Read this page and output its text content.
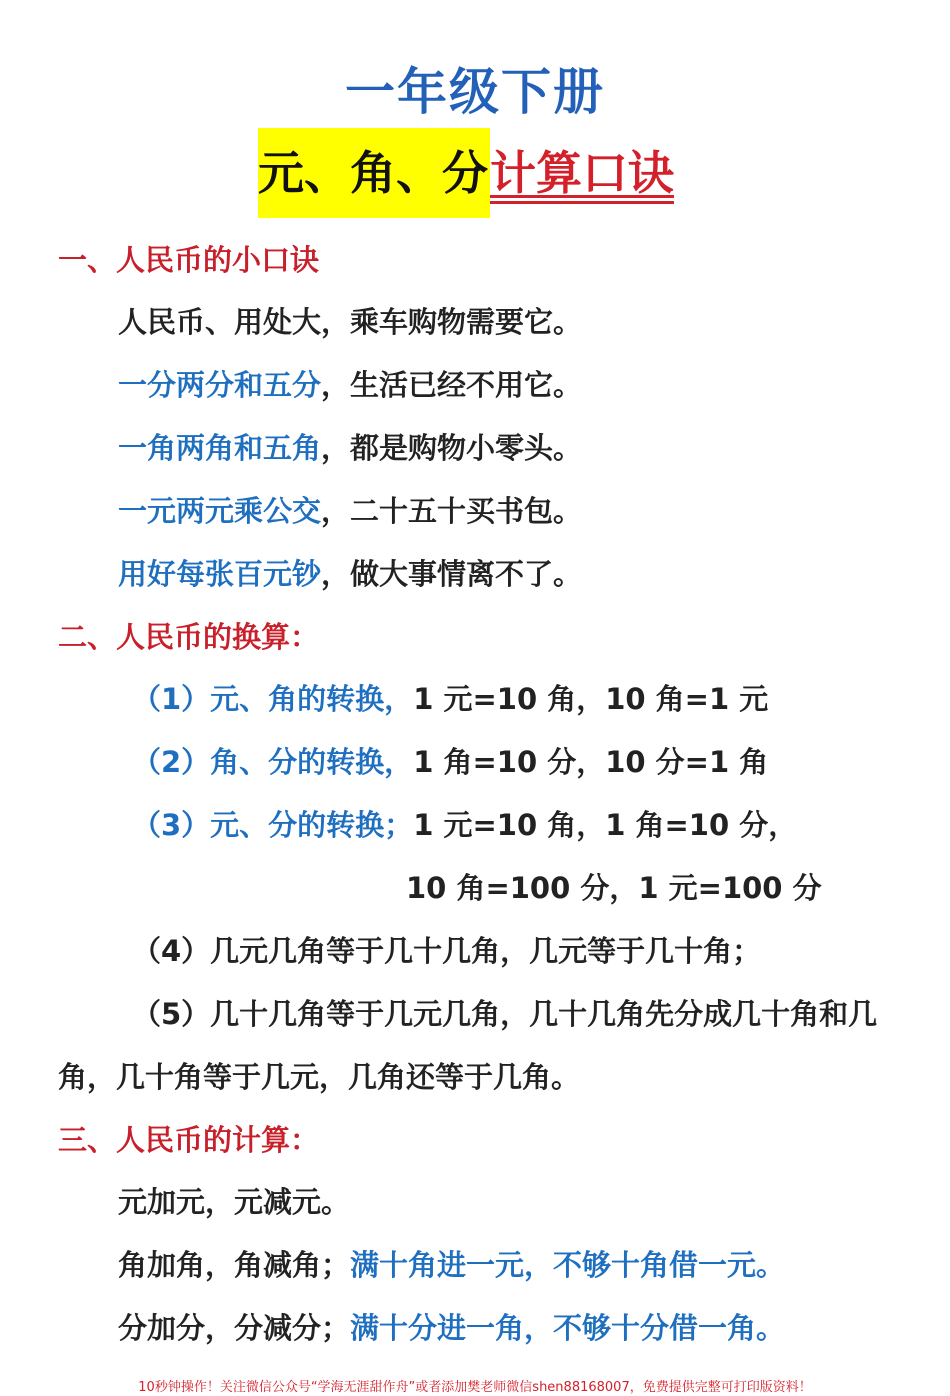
一年级下册
元、角、分 计算口诀
一、人民币的小口诀
人民币、用处大，乘车购物需要它。
一分两分和五分，生活已经不用它。
一角两角和五角，都是购物小零头。
一元两元乘公交，二十五十买书包。
用好每张百元钞，做大事情离不了。
二、人民币的换算：
（1）元、角的转换，1 元=10 角，10 角=1 元
（2）角、分的转换，1 角=10 分，10 分=1 角
（3）元、分的转换；1 元=10 角，1 角=10 分，
10 角=100 分，1 元=100 分
（4）几元几角等于几十几角，几元等于几十角；
（5）几十几角等于几元几角，几十几角先分成几十角和几
角，几十角等于几元，几角还等于几角。
三、人民币的计算：
元加元，元减元。
角加角，角减角；满十角进一元，不够十角借一元。
分加分，分减分；满十分进一角，不够十分借一角。
10秒钟操作！关注微信公众号“学海无涯甜作舟”或者添加樊老师微信shen88168007，免费提供完整可打印版资料！
